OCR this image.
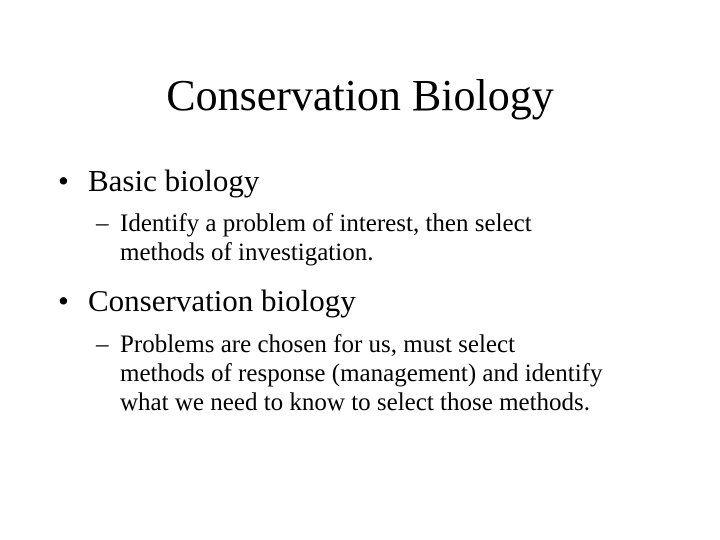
Conservation Biology
• Basic biology
– Identify a problem of interest, then select
methods of investigation.
• Conservation biology
– Problems are chosen for us, must select
methods of response (management) and identify
what we need to know to select those methods.
